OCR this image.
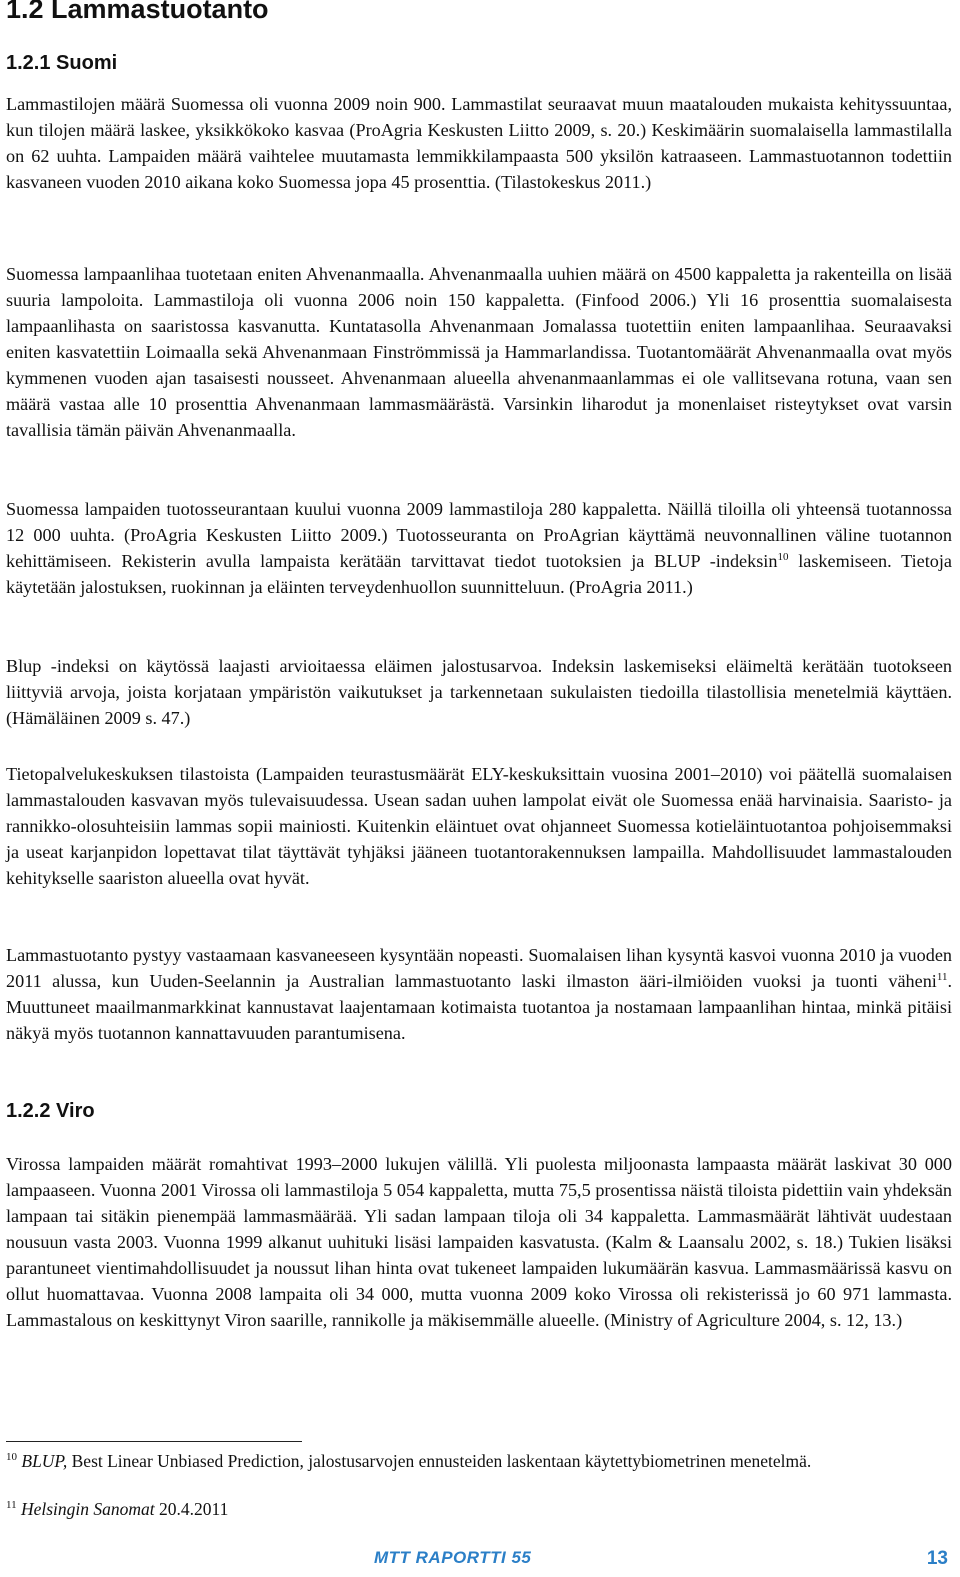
1.2 Lammastuotanto
1.2.1 Suomi

Lammastilojen määrä Suomessa oli vuonna 2009 noin 900. Lammastilat seuraavat muun maatalouden mukaista kehityssuuntaa, kun tilojen määrä laskee, yksikkökoko kasvaa (ProAgria Keskusten Liitto 2009, s. 20.) Keskimäärin suomalaisella lammastilalla on 62 uuhta. Lampaiden määrä vaihtelee muutamasta lemmikkilampaasta 500 yksilön katraaseen. Lammastuotannon todettiin kasvaneen vuoden 2010 aikana koko Suomessa jopa 45 prosenttia. (Tilastokeskus 2011.)

Suomessa lampaanlihaa tuotetaan eniten Ahvenanmaalla. Ahvenanmaalla uuhien määrä on 4500 kappaletta ja rakenteilla on lisää suuria lampoloita. Lammastiloja oli vuonna 2006 noin 150 kappaletta. (Finfood 2006.) Yli 16 prosenttia suomalaisesta lampaanlihasta on saaristossa kasvanutta. Kuntatasolla Ahvenanmaan Jomalassa tuotettiin eniten lampaanlihaa. Seuraavaksi eniten kasvatettiin Loimaalla sekä Ahvenanmaan Finströmmissä ja Hammarlandissa. Tuotantomäärät Ahvenanmaalla ovat myös kymmenen vuoden ajan tasaisesti nousseet. Ahvenanmaan alueella ahvenanmaanlammas ei ole vallitsevana rotuna, vaan sen määrä vastaa alle 10 prosenttia Ahvenanmaan lammasmäärästä. Varsinkin liharodut ja monenlaiset risteytykset ovat varsin tavallisia tämän päivän Ahvenanmaalla.

Suomessa lampaiden tuotosseurantaan kuului vuonna 2009 lammastiloja 280 kappaletta. Näillä tiloilla oli yhteensä tuotannossa 12 000 uuhta. (ProAgria Keskusten Liitto 2009.) Tuotosseuranta on ProAgrian käyttämä neuvonnallinen väline tuotannon kehittämiseen. Rekisterin avulla lampaista kerätään tarvittavat tiedot tuotoksien ja BLUP -indeksin$^{10}$ laskemiseen. Tietoja käytetään jalostuksen, ruokinnan ja eläinten terveydenhuollon suunnitteluun. (ProAgria 2011.)

Blup -indeksi on käytössä laajasti arvioitaessa eläimen jalostusarvoa. Indeksin laskemiseksi eläimeltä kerätään tuotokseen liittyviä arvoja, joista korjataan ympäristön vaikutukset ja tarkennetaan sukulaisten tiedoilla tilastollisia menetelmiä käyttäen. (Hämäläinen 2009 s. 47.)

Tietopalvelukeskuksen tilastoista (Lampaiden teurastusmäärät ELY-keskuksittain vuosina 2001–2010) voi päätellä suomalaisen lammastalouden kasvavan myös tulevaisuudessa. Usean sadan uuhen lampolat eivät ole Suomessa enää harvinaisia. Saaristo- ja rannikko-olosuhteisiin lammas sopii mainiosti. Kuitenkin eläintuet ovat ohjanneet Suomessa kotieläintuotantoa pohjoisemmaksi ja useat karjanpidon lopettavat tilat täyttävät tyhjäksi jääneen tuotantorakennuksen lampailla. Mahdollisuudet lammastalouden kehitykselle saariston alueella ovat hyvät.

Lammastuotanto pystyy vastaamaan kasvaneeseen kysyntään nopeasti. Suomalaisen lihan kysyntä kasvoi vuonna 2010 ja vuoden 2011 alussa, kun Uuden-Seelannin ja Australian lammastuotanto laski ilmaston ääri-ilmiöiden vuoksi ja tuonti väheni$^{11}$. Muuttuneet maailmanmarkkinat kannustavat laajentamaan kotimaista tuotantoa ja nostamaan lampaanlihan hintaa, minkä pitäisi näkyä myös tuotannon kannattavuuden parantumisena.

1.2.2 Viro

Virossa lampaiden määrät romahtivat 1993–2000 lukujen välillä. Yli puolesta miljoonasta lampaasta määrät laskivat 30 000 lampaaseen. Vuonna 2001 Virossa oli lammastiloja 5 054 kappaletta, mutta 75,5 prosentissa näistä tiloista pidettiin vain yhdeksän lampaan tai sitäkin pienempää lammasmäärää. Yli sadan lampaan tiloja oli 34 kappaletta. Lammasmäärät lähtivät uudestaan nousuun vasta 2003. Vuonna 1999 alkanut uuhituki lisäsi lampaiden kasvatusta. (Kalm & Laansalu 2002, s. 18.) Tukien lisäksi parantuneet vientimahdollisuudet ja noussut lihan hinta ovat tukeneet lampaiden lukumäärän kasvua. Lammasmäärissä kasvu on ollut huomattavaa. Vuonna 2008 lampaita oli 34 000, mutta vuonna 2009 koko Virossa oli rekisterissä jo 60 971 lammasta. Lammastalous on keskittynyt Viron saarille, rannikolle ja mäkisemmälle alueelle. (Ministry of Agriculture 2004, s. 12, 13.)

$^{10}$ BLUP, Best Linear Unbiased Prediction, jalostusarvojen ennusteiden laskentaan käytettybiometrinen menetelmä.

$^{11}$ Helsingin Sanomat 20.4.2011

MTT RAPORTTI 55	13
